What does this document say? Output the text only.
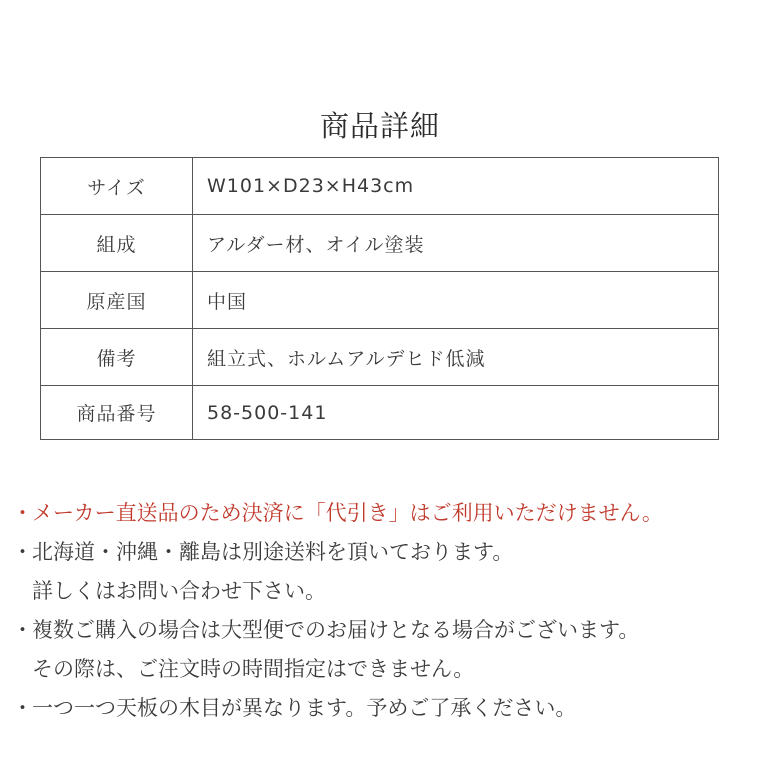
商品詳細
サイズ	W101×D23×H43cm
組成	アルダー材、オイル塗装
原産国	中国
備考	組立式、ホルムアルデヒド低減
商品番号	58-500-141
・ メーカー直送品のため決済に「代引き」はご利用いただけません。
・ 北海道・沖縄・離島は別途送料を頂いております。
詳しくはお問い合わせ下さい。
・ 複数ご購入の場合は大型便でのお届けとなる場合がございます。
その際は、ご注文時の時間指定はできません。
・ 一つ一つ天板の木目が異なります。予めご了承ください。
